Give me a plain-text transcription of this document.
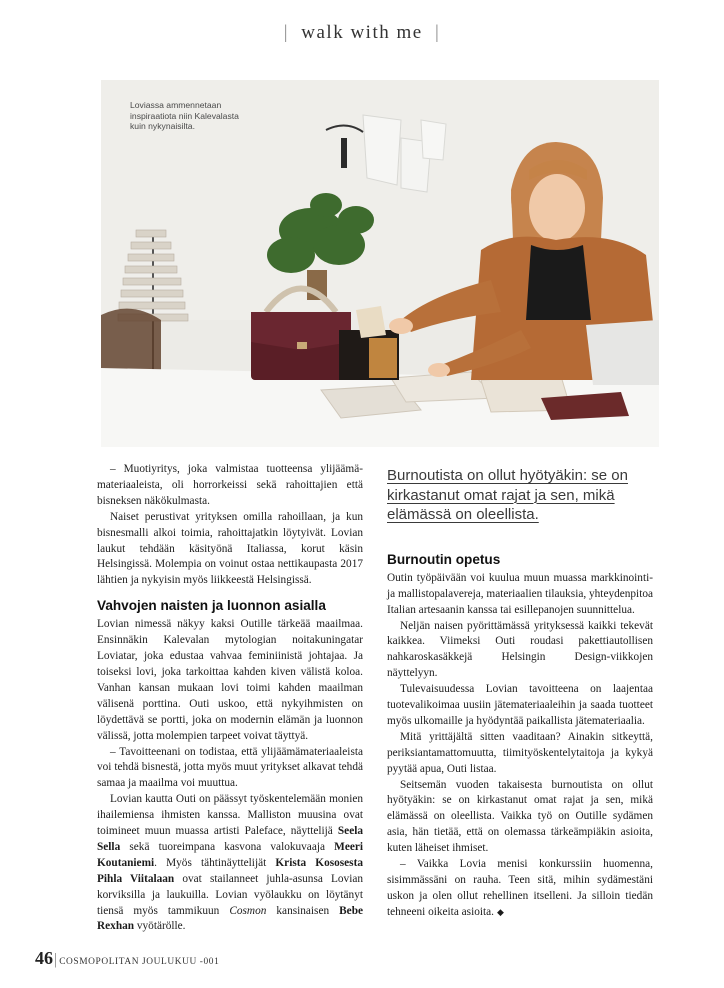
| walk with me |
Loviassa ammennetaan inspiraatiota niin Kalevalasta kuin nykynaisilta.

– Muotiyritys, joka valmistaa tuotteensa ylijäämämateriaaleista, oli horrorkeissi sekä rahoittajien että bisneksen näkökulmasta.

Naiset perustivat yrityksen omilla rahoillaan, ja kun bisnesmalli alkoi toimia, rahoittajatkin löytyivät. Lovian laukut tehdään käsityönä Italiassa, korut käsin Helsingissä. Molempia on voinut ostaa nettikaupasta 2017 lähtien ja nykyisin myös liikkeestä Helsingissä.

Vahvojen naisten ja luonnon asialla

Lovian nimessä näkyy kaksi Outille tärkeää maailmaa. Ensinnäkin Kalevalan mytologian noitakuningatar Loviatar, joka edustaa vahvaa feminiinistä johtajaa. Ja toiseksi lovi, joka tarkoittaa kahden kiven välistä koloa. Vanhan kansan mukaan lovi toimi kahden maailman välisenä porttina. Outi uskoo, että nykyihmisten on löydettävä se portti, joka on modernin elämän ja luonnon välissä, jotta molempien tarpeet voivat täyttyä.

– Tavoitteenani on todistaa, että ylijäämämateriaaleista voi tehdä bisnestä, jotta myös muut yritykset alkavat tehdä samaa ja maailma voi muuttua.

Lovian kautta Outi on päässyt työskentelemään monien ihailemiensa ihmisten kanssa. Malliston muusina ovat toimineet muun muassa artisti Paleface, näyttelijä Seela Sella sekä tuoreimpana kasvona valokuvaaja Meeri Koutaniemi. Myös tähtinäyttelijät Krista Kososesta Pihla Viitalaan ovat stailanneet juhla-asunsa Lovian korviksilla ja laukuilla. Lovian vyölaukku on löytänyt tiensä myös tammikuun Cosmon kansinaisen Bebe Rexhan vyötärölle.

Burnoutista on ollut hyötyäkin: se on kirkastanut omat rajat ja sen, mikä elämässä on oleellista.
Burnoutin opetus

Outin työpäivään voi kuulua muun muassa markkinointi- ja mallistopalavereja, materiaalien tilauksia, yhteydenpitoa Italian artesaanin kanssa tai esillepanojen suunnittelua.

Neljän naisen pyörittämässä yrityksessä kaikki tekevät kaikkea. Viimeksi Outi roudasi pakettiautollisen nahkaroskasäkkejä Helsingin Design-viikkojen näyttelyyn.

Tulevaisuudessa Lovian tavoitteena on laajentaa tuotevalikoimaa uusiin jätemateriaaleihin ja saada tuotteet myös ulkomaille ja hyödyntää paikallista jätemateriaalia.

Mitä yrittäjältä sitten vaaditaan? Ainakin sitkeyttä, periksiantamattomuutta, tiimityöskentelytaitoja ja kykyä pyytää apua, Outi listaa.

Seitsemän vuoden takaisesta burnoutista on ollut hyötyäkin: se on kirkastanut omat rajat ja sen, mikä elämässä on oleellista. Vaikka työ on Outille sydämen asia, hän tietää, että on olemassa tärkeämpiäkin asioita, kuten läheiset ihmiset.

– Vaikka Lovia menisi konkurssiin huomenna, sisimmässäni on rauha. Teen sitä, mihin sydämestäni uskon ja olen ollut rehellinen itselleni. Ja silloin tiedän tehneeni oikeita asioita. ◆

46 | COSMOPOLITAN JOULUKUU -001
